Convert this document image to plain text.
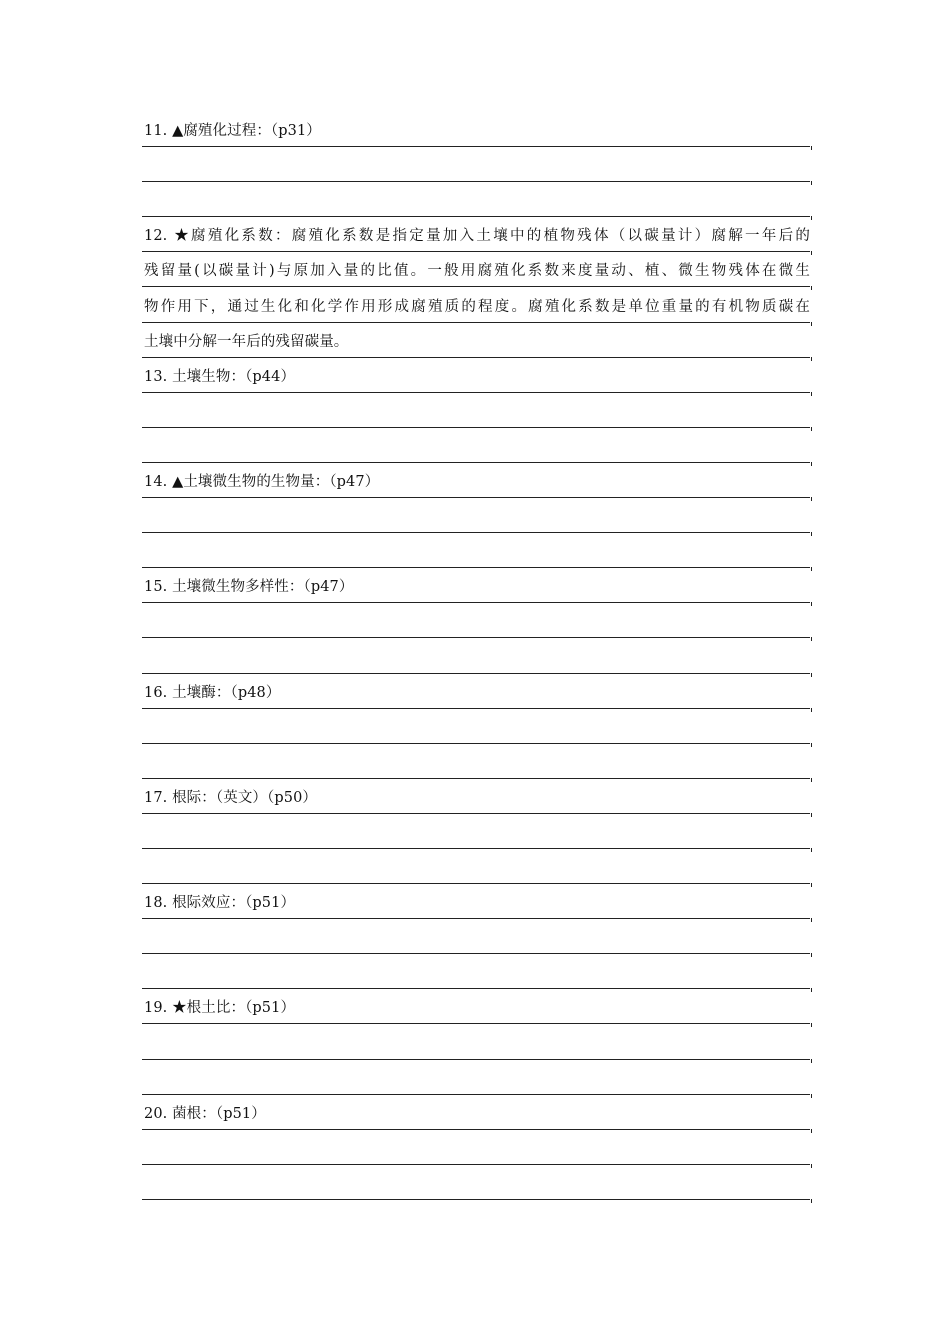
11. ▲腐殖化过程：（p31）
12. ★腐殖化系数：腐殖化系数是指定量加入土壤中的植物残体（以碳量计）腐解一年后的
残留量(以碳量计)与原加入量的比值。一般用腐殖化系数来度量动、植、微生物残体在微生
物作用下，通过生化和化学作用形成腐殖质的程度。腐殖化系数是单位重量的有机物质碳在
土壤中分解一年后的残留碳量。
13. 土壤生物：（p44）
14. ▲土壤微生物的生物量：（p47）
15. 土壤微生物多样性：（p47）
16. 土壤酶：（p48）
17. 根际：（英文）（p50）
18. 根际效应：（p51）
19. ★根土比：（p51）
20. 菌根：（p51）
